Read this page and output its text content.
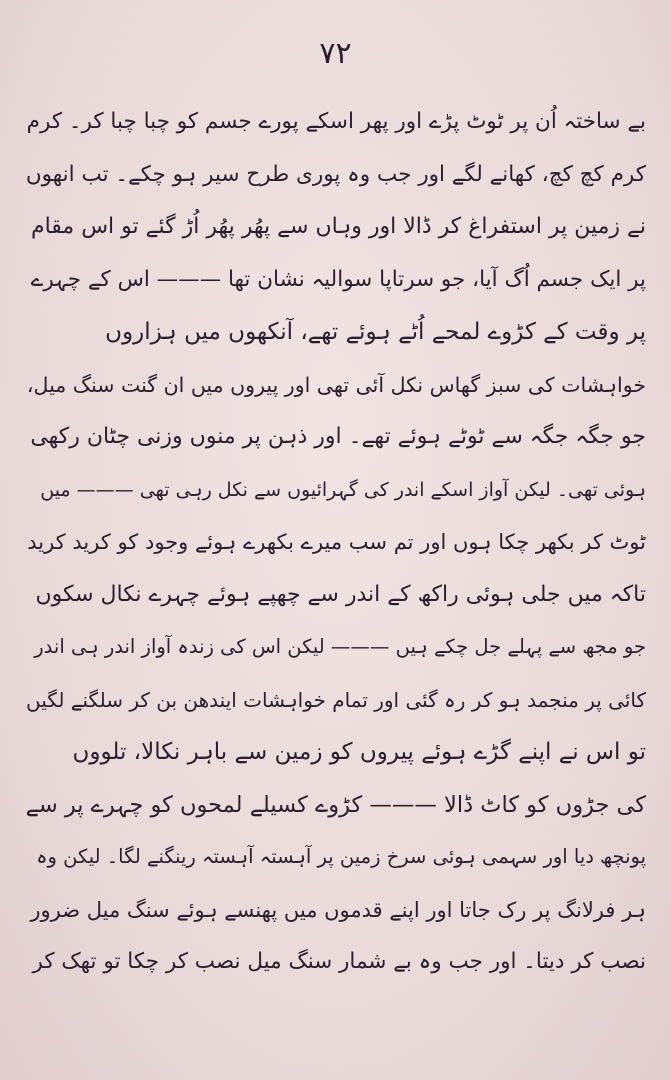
۷۲
بے ساختہ اُن پر ٹوٹ پڑے اور پھر اسکے پورے جسم کو چبا چبا کر۔ کرم
کرم کچ کچ، کھانے لگے اور جب وہ پوری طرح سیر ہو چکے۔ تب انھوں
نے زمین پر استفراغ کر ڈالا اور وہاں سے پھُر پھُر اُڑ گئے تو اس مقام
پر ایک جسم اُگ آیا، جو سرتاپا سوالیہ نشان تھا ——— اس کے چہرے
پر وقت کے کڑوے لمحے اُٹے ہوئے تھے، آنکھوں میں ہزاروں
خواہشات کی سبز گھاس نکل آئی تھی اور پیروں میں ان گنت سنگ میل،
جو جگہ جگہ سے ٹوٹے ہوئے تھے۔ اور ذہن پر منوں وزنی چٹان رکھی
ہوئی تھی۔ لیکن آواز اسکے اندر کی گہرائیوں سے نکل رہی تھی ——— میں
ٹوٹ کر بکھر چکا ہوں اور تم سب میرے بکھرے ہوئے وجود کو کرید کرید
تاکہ میں جلی ہوئی راکھ کے اندر سے چھپے ہوئے چہرے نکال سکوں
جو مجھ سے پہلے جل چکے ہیں ——— لیکن اس کی زندہ آواز اندر ہی اندر
کائی پر منجمد ہو کر رہ گئی اور تمام خواہشات ایندھن بن کر سلگنے لگیں
تو اس نے اپنے گڑے ہوئے پیروں کو زمین سے باہر نکالا، تلووں
کی جڑوں کو کاٹ ڈالا ——— کڑوے کسیلے لمحوں کو چہرے پر سے
پونچھ دیا اور سہمی ہوئی سرخ زمین پر آہستہ آہستہ رینگنے لگا۔ لیکن وہ
ہر فرلانگ پر رک جاتا اور اپنے قدموں میں پھنسے ہوئے سنگ میل ضرور
نصب کر دیتا۔ اور جب وہ بے شمار سنگ میل نصب کر چکا تو تھک کر
